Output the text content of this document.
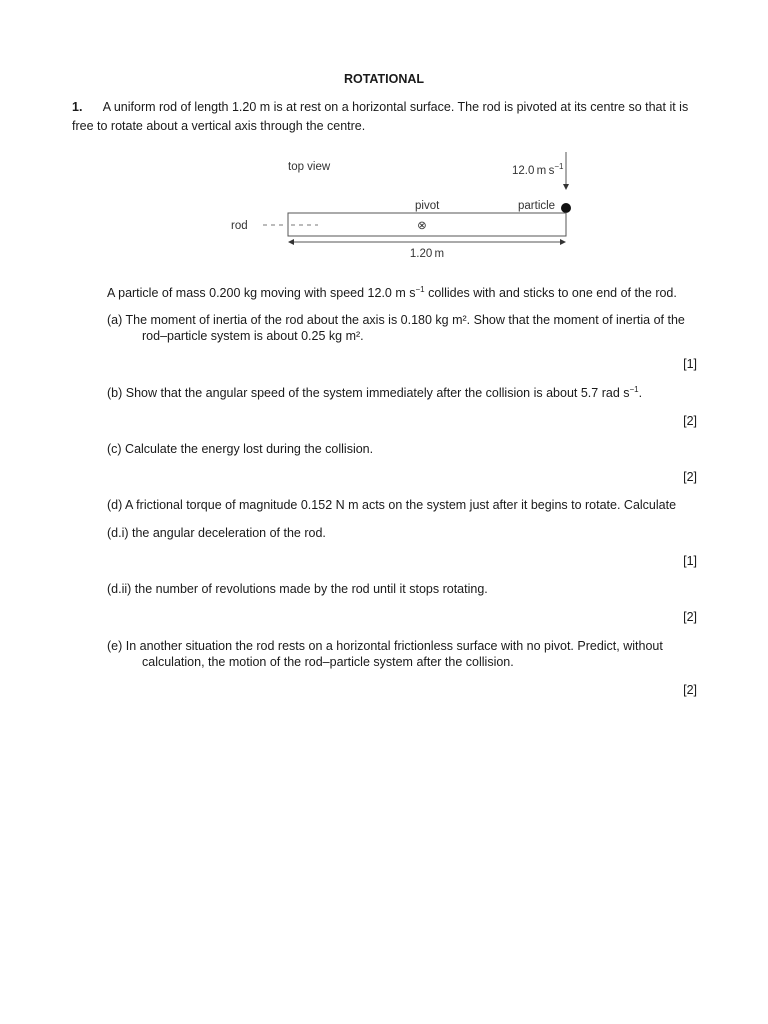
ROTATIONAL
1. A uniform rod of length 1.20 m is at rest on a horizontal surface. The rod is pivoted at its centre so that it is
free to rotate about a vertical axis through the centre.
top view	12.0 m $s^{-1}$
pivot	particle
rod	⊗
1.20 m
A particle of mass 0.200 kg moving with speed 12.0 m $s^{-1}$ collides with and sticks to one end of the rod.
(a) The moment of inertia of the rod about the axis is 0.180 kg m². Show that the moment of inertia of the
rod–particle system is about 0.25 kg m².
[1]
(b) Show that the angular speed of the system immediately after the collision is about 5.7 rad $s^{-1}$.
[2]
(c) Calculate the energy lost during the collision.
[2]
(d) A frictional torque of magnitude 0.152 N m acts on the system just after it begins to rotate. Calculate
(d.i) the angular deceleration of the rod.
[1]
(d.ii) the number of revolutions made by the rod until it stops rotating.
[2]
(e) In another situation the rod rests on a horizontal frictionless surface with no pivot. Predict, without
calculation, the motion of the rod–particle system after the collision.
[2]
